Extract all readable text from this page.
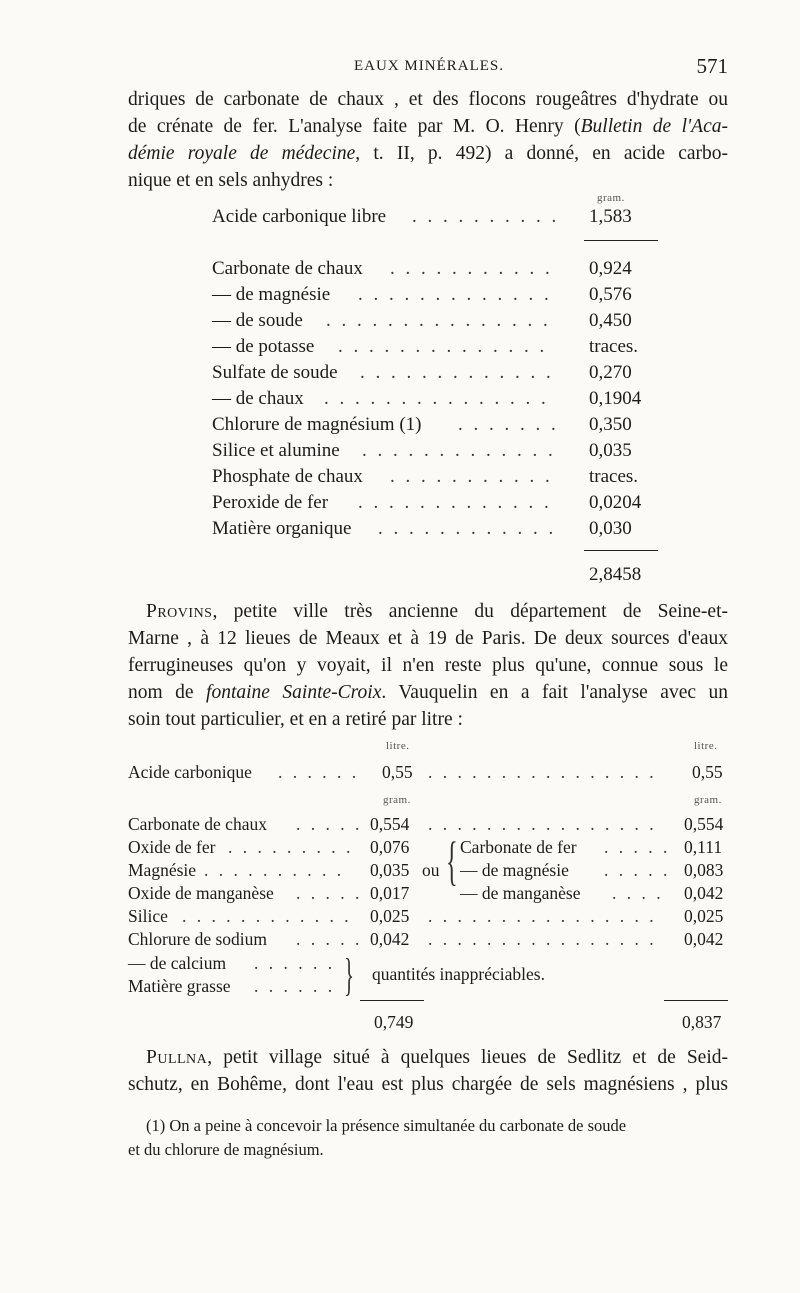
EAUX MINÉRALES.	571
driques de carbonate de chaux , et des flocons rougeâtres d'hydrate ou
de crénate de fer. L'analyse faite par M. O. Henry (Bulletin de l'Aca-
démie royale de médecine, t. II, p. 492) a donné, en acide carbo-
nique et en sels anhydres :
gram.
Acide carbonique libre . . . . . . . . . . 1,583
Carbonate de chaux . . . . . . . . . . . 0,924
— de magnésie . . . . . . . . . . . . . 0,576
— de soude . . . . . . . . . . . . . . . 0,450
— de potasse . . . . . . . . . . . . . . traces.
Sulfate de soude . . . . . . . . . . . . . 0,270
— de chaux . . . . . . . . . . . . . . . 0,1904
Chlorure de magnésium (1) . . . . . . . 0,350
Silice et alumine . . . . . . . . . . . . . 0,035
Phosphate de chaux . . . . . . . . . . . traces.
Peroxide de fer . . . . . . . . . . . . . 0,0204
Matière organique . . . . . . . . . . . . 0,030
2,8458
Provins, petite ville très ancienne du département de Seine-et-
Marne , à 12 lieues de Meaux et à 19 de Paris. De deux sources d'eaux
ferrugineuses qu'on y voyait, il n'en reste plus qu'une, connue sous le
nom de fontaine Sainte-Croix. Vauquelin en a fait l'analyse avec un
soin tout particulier, et en a retiré par litre :
litre.	litre.
Acide carbonique . . . . . . 0,55 . . . . . . . . . . . . . . . . 0,55
gram.	gram.
Carbonate de chaux . . . . . 0,554 . . . . . . . . . . . . . . . . 0,554
Oxide de fer . . . . . . . . . 0,076	Carbonate de fer . . . . . 0,111
Magnésie . . . . . . . . . . 0,035 ou — de magnésie . . . . . 0,083
Oxide de manganèse . . . . . 0,017	— de manganèse . . . . 0,042
{
Silice . . . . . . . . . . . . 0,025 . . . . . . . . . . . . . . . . 0,025
Chlorure de sodium . . . . . 0,042 . . . . . . . . . . . . . . . . 0,042
— de calcium . . . . . .
Matière grasse . . . . . . } quantités inappréciables.
0,749	0,837
Pullna, petit village situé à quelques lieues de Sedlitz et de Seid-
schutz, en Bohême, dont l'eau est plus chargée de sels magnésiens , plus
(1) On a peine à concevoir la présence simultanée du carbonate de soude
et du chlorure de magnésium.
